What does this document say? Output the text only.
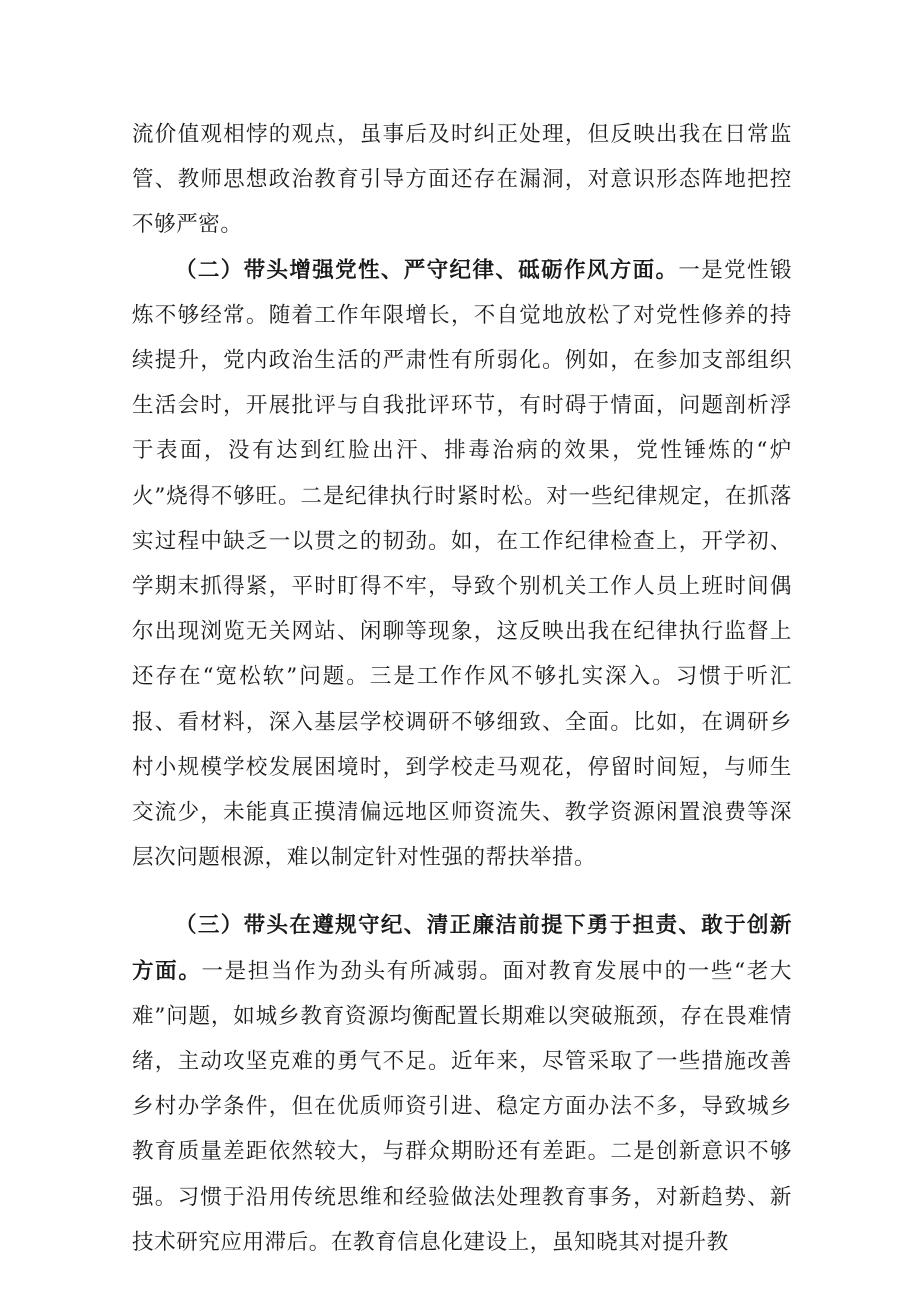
流价值观相悖的观点，虽事后及时纠正处理，但反映出我在日常监管、教师思想政治教育引导方面还存在漏洞，对意识形态阵地把控不够严密。

（二）带头增强党性、严守纪律、砥砺作风方面。一是党性锻炼不够经常。随着工作年限增长，不自觉地放松了对党性修养的持续提升，党内政治生活的严肃性有所弱化。例如，在参加支部组织生活会时，开展批评与自我批评环节，有时碍于情面，问题剖析浮于表面，没有达到红脸出汗、排毒治病的效果，党性锤炼的“炉火”烧得不够旺。二是纪律执行时紧时松。对一些纪律规定，在抓落实过程中缺乏一以贯之的韧劲。如，在工作纪律检查上，开学初、学期末抓得紧，平时盯得不牢，导致个别机关工作人员上班时间偶尔出现浏览无关网站、闲聊等现象，这反映出我在纪律执行监督上还存在“宽松软”问题。三是工作作风不够扎实深入。习惯于听汇报、看材料，深入基层学校调研不够细致、全面。比如，在调研乡村小规模学校发展困境时，到学校走马观花，停留时间短，与师生交流少，未能真正摸清偏远地区师资流失、教学资源闲置浪费等深层次问题根源，难以制定针对性强的帮扶举措。

（三）带头在遵规守纪、清正廉洁前提下勇于担责、敢于创新方面。一是担当作为劲头有所减弱。面对教育发展中的一些“老大难”问题，如城乡教育资源均衡配置长期难以突破瓶颈，存在畏难情绪，主动攻坚克难的勇气不足。近年来，尽管采取了一些措施改善乡村办学条件，但在优质师资引进、稳定方面办法不多，导致城乡教育质量差距依然较大，与群众期盼还有差距。二是创新意识不够强。习惯于沿用传统思维和经验做法处理教育事务，对新趋势、新技术研究应用滞后。在教育信息化建设上，虽知晓其对提升教
